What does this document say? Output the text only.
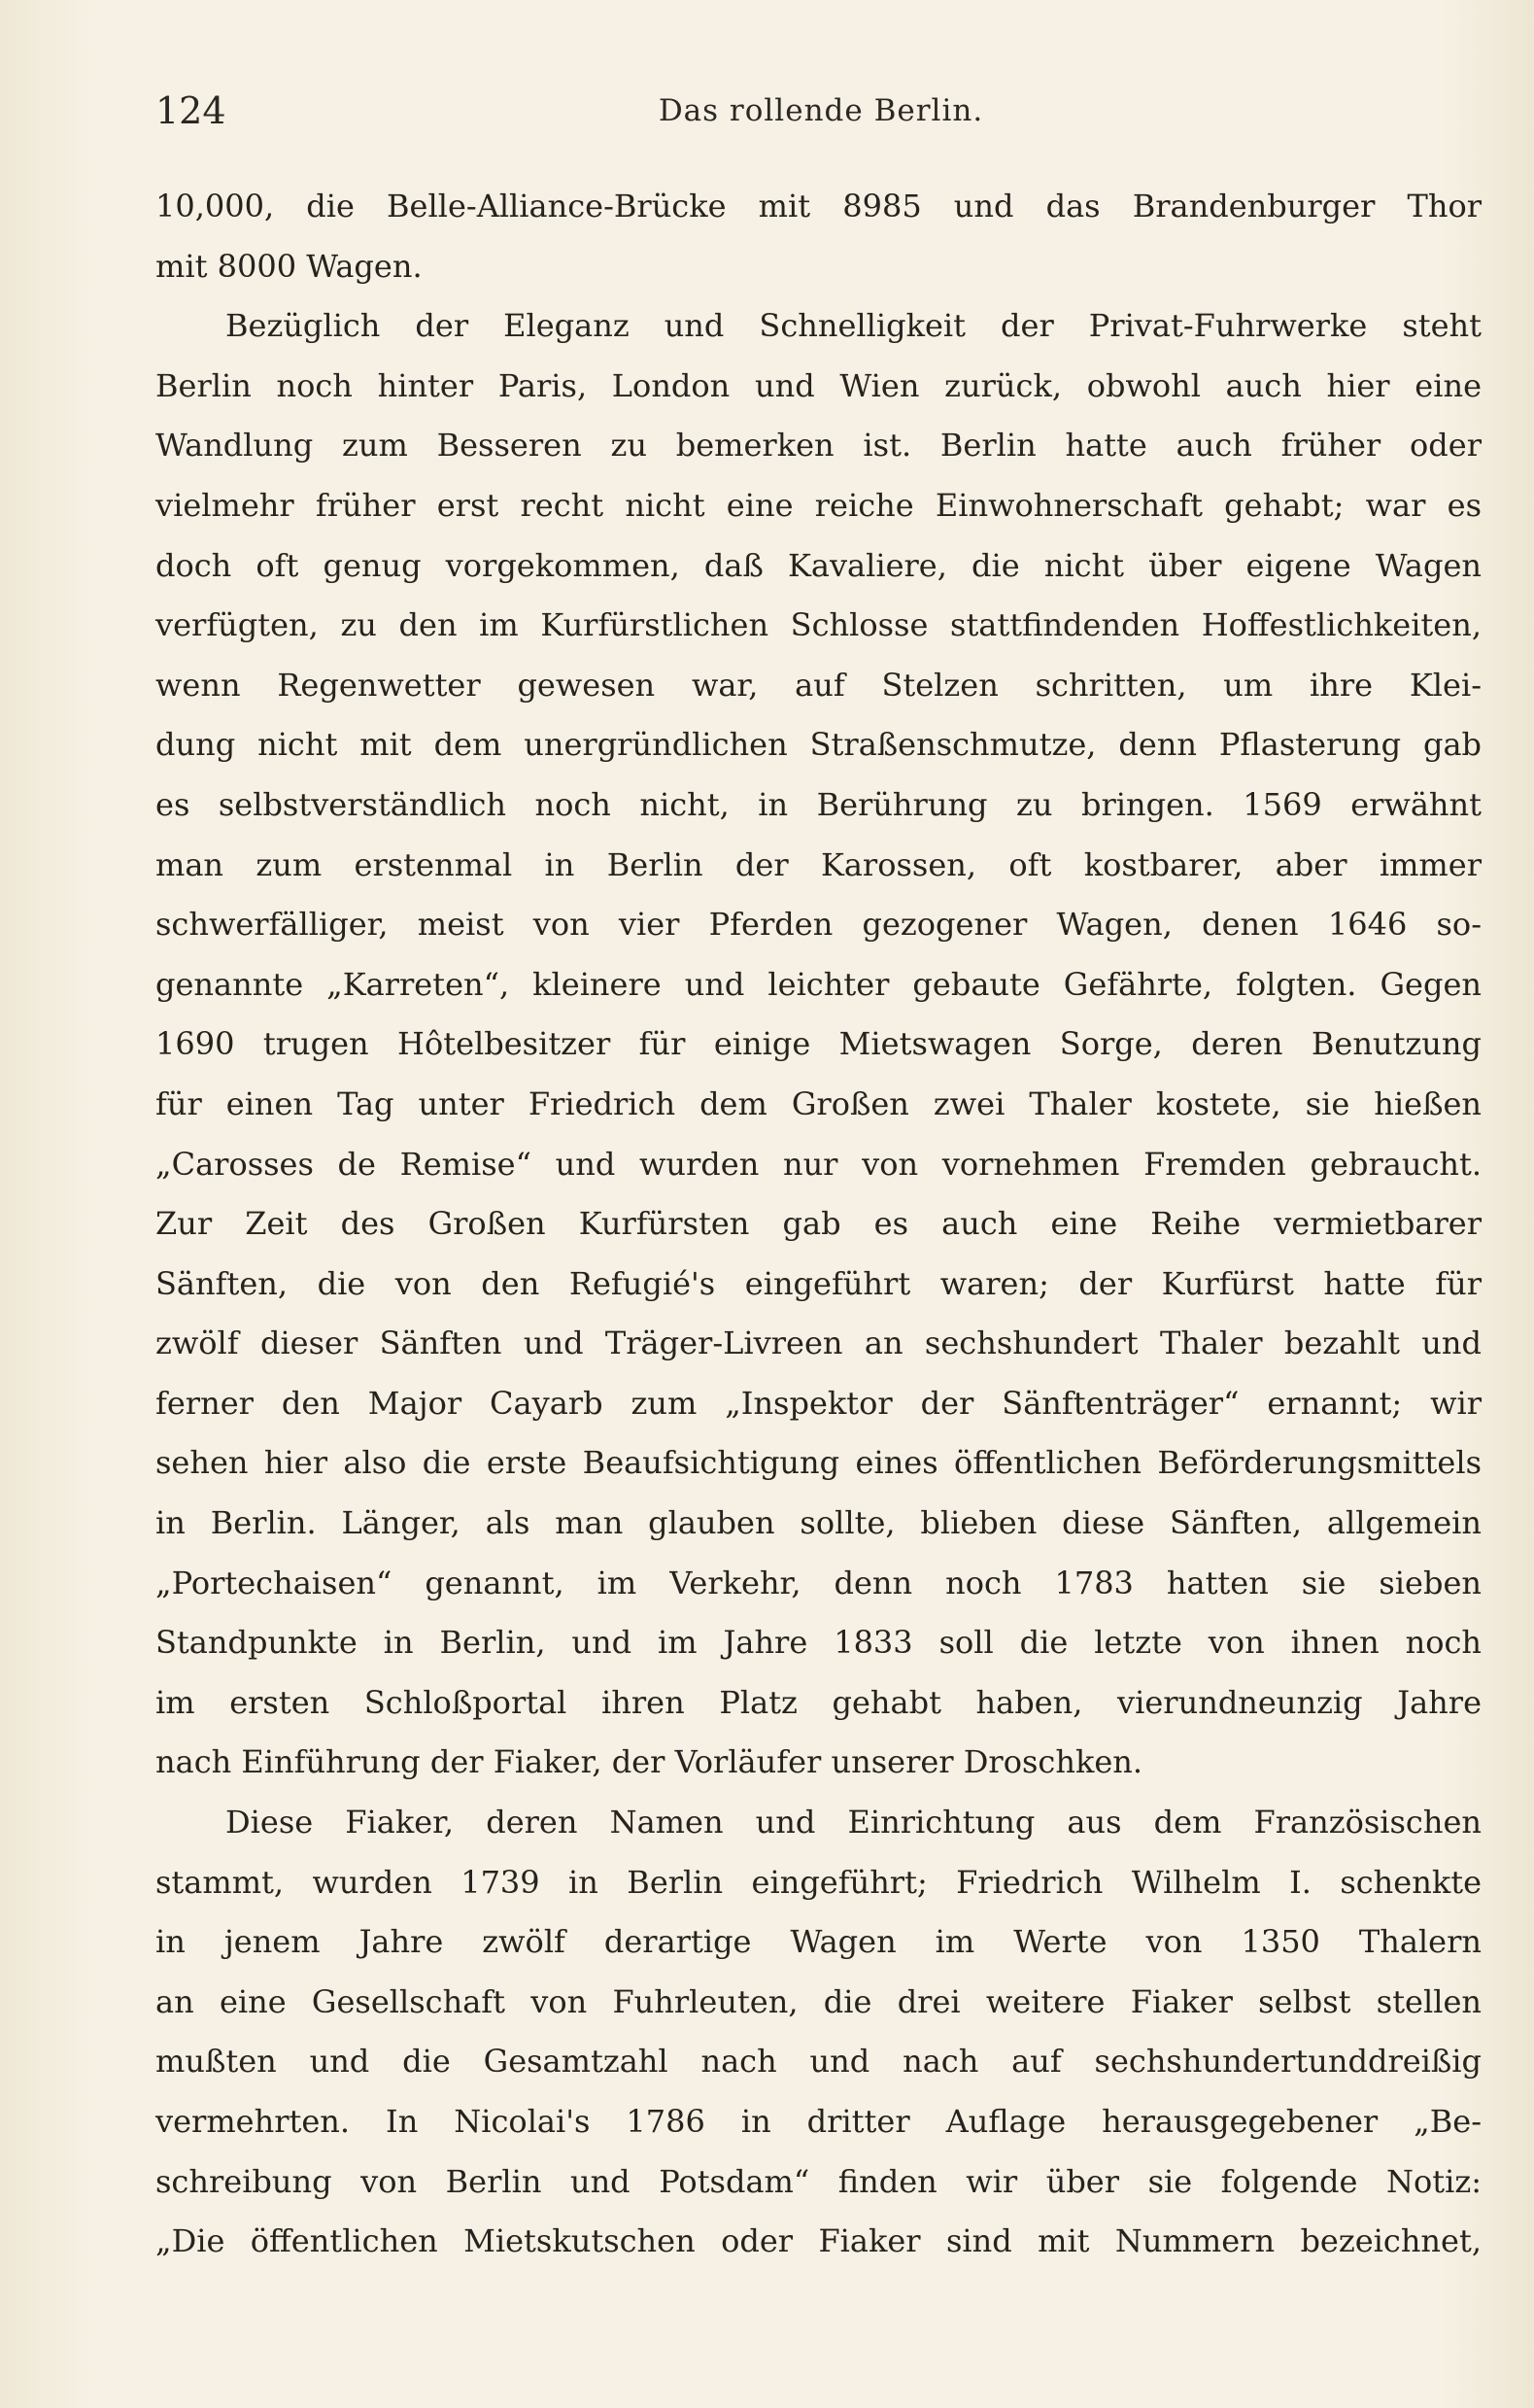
124	Das rollende Berlin.
10,000, die Belle-Alliance-Brücke mit 8985 und das Brandenburger Thor
mit 8000 Wagen.
Bezüglich der Eleganz und Schnelligkeit der Privat-Fuhrwerke steht
Berlin noch hinter Paris, London und Wien zurück, obwohl auch hier eine
Wandlung zum Besseren zu bemerken ist. Berlin hatte auch früher oder
vielmehr früher erst recht nicht eine reiche Einwohnerschaft gehabt; war es
doch oft genug vorgekommen, daß Kavaliere, die nicht über eigene Wagen
verfügten, zu den im Kurfürstlichen Schlosse stattfindenden Hoffestlichkeiten,
wenn Regenwetter gewesen war, auf Stelzen schritten, um ihre Klei-
dung nicht mit dem unergründlichen Straßenschmutze, denn Pflasterung gab
es selbstverständlich noch nicht, in Berührung zu bringen. 1569 erwähnt
man zum erstenmal in Berlin der Karossen, oft kostbarer, aber immer
schwerfälliger, meist von vier Pferden gezogener Wagen, denen 1646 so-
genannte „Karreten“, kleinere und leichter gebaute Gefährte, folgten. Gegen
1690 trugen Hôtelbesitzer für einige Mietswagen Sorge, deren Benutzung
für einen Tag unter Friedrich dem Großen zwei Thaler kostete, sie hießen
„Carosses de Remise“ und wurden nur von vornehmen Fremden gebraucht.
Zur Zeit des Großen Kurfürsten gab es auch eine Reihe vermietbarer
Sänften, die von den Refugié's eingeführt waren; der Kurfürst hatte für
zwölf dieser Sänften und Träger-Livreen an sechshundert Thaler bezahlt und
ferner den Major Cayarb zum „Inspektor der Sänftenträger“ ernannt; wir
sehen hier also die erste Beaufsichtigung eines öffentlichen Beförderungsmittels
in Berlin. Länger, als man glauben sollte, blieben diese Sänften, allgemein
„Portechaisen“ genannt, im Verkehr, denn noch 1783 hatten sie sieben
Standpunkte in Berlin, und im Jahre 1833 soll die letzte von ihnen noch
im ersten Schloßportal ihren Platz gehabt haben, vierundneunzig Jahre
nach Einführung der Fiaker, der Vorläufer unserer Droschken.
Diese Fiaker, deren Namen und Einrichtung aus dem Französischen
stammt, wurden 1739 in Berlin eingeführt; Friedrich Wilhelm I. schenkte
in jenem Jahre zwölf derartige Wagen im Werte von 1350 Thalern
an eine Gesellschaft von Fuhrleuten, die drei weitere Fiaker selbst stellen
mußten und die Gesamtzahl nach und nach auf sechshundertunddreißig
vermehrten. In Nicolai's 1786 in dritter Auflage herausgegebener „Be-
schreibung von Berlin und Potsdam“ finden wir über sie folgende Notiz:
„Die öffentlichen Mietskutschen oder Fiaker sind mit Nummern bezeichnet,
